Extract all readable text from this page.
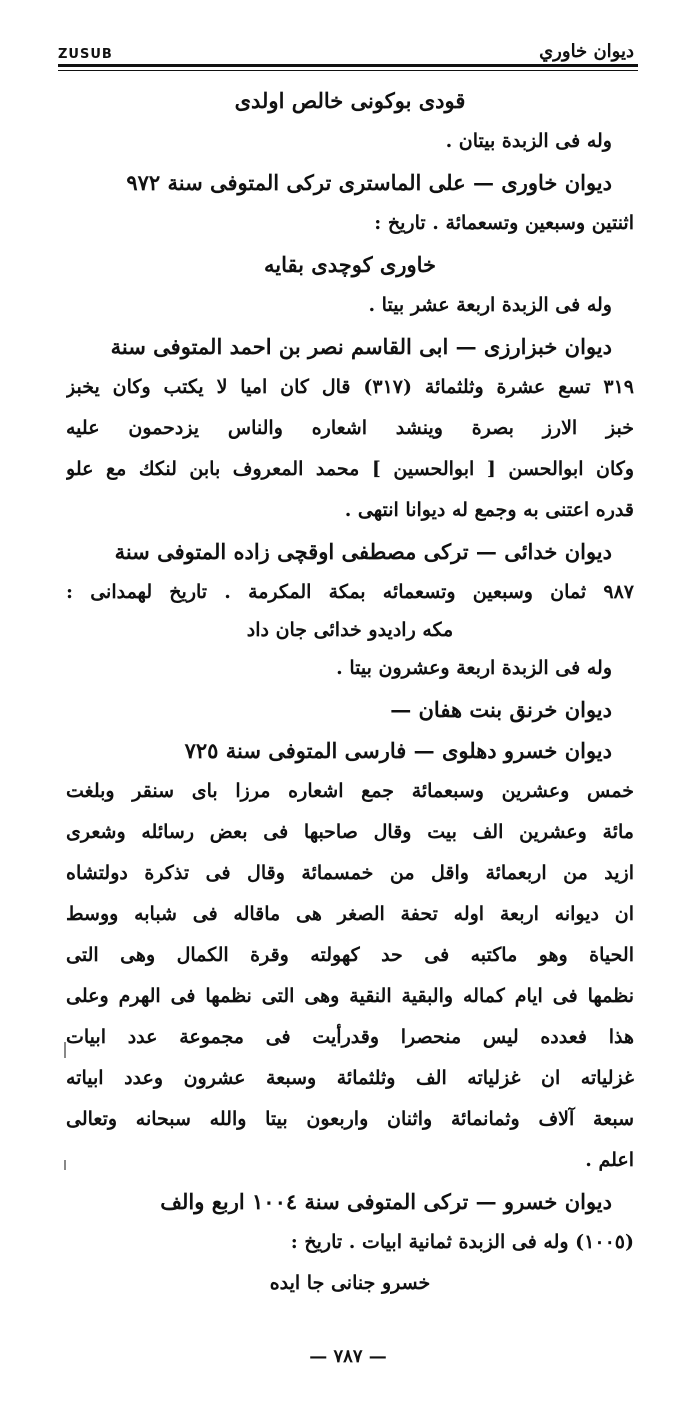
ZUSUB	ديوان خاوري
قودى بوكونى خالص اولدى
وله فى الزبدة بيتان .
ديوان خاورى — على الماسترى تركى المتوفى سنة ٩٧٢
اثنتين وسبعين وتسعمائة . تاريخ :
خاورى كوچدى بقايه
وله فى الزبدة اربعة عشر بيتا .
ديوان خبزارزى — ابى القاسم نصر بن احمد المتوفى سنة
٣١٩ تسع عشرة وثلثمائة (٣١٧) قال كان اميا لا يكتب وكان يخبز
خبز الارز بصرة وينشد اشعاره والناس يزدحمون عليه
وكان ابوالحسن [ ابوالحسين ] محمد المعروف بابن لنكك مع علو
قدره اعتنى به وجمع له ديوانا انتهى .
ديوان خدائى — تركى مصطفى اوقچى زاده المتوفى سنة
٩٨٧ ثمان وسبعين وتسعمائه بمكة المكرمة . تاريخ لهمدانى :
مكه راديدو خدائى جان داد
وله فى الزبدة اربعة وعشرون بيتا .
ديوان خرنق بنت هفان —
ديوان خسرو دهلوى — فارسى المتوفى سنة ٧٢٥
خمس وعشرين وسبعمائة جمع اشعاره مرزا باى سنقر وبلغت
مائة وعشرين الف بيت وقال صاحبها فى بعض رسائله وشعرى
ازيد من اربعمائة واقل من خمسمائة وقال فى تذكرة دولتشاه
ان ديوانه اربعة اوله تحفة الصغر هى ماقاله فى شبابه ووسط
الحياة وهو ماكتبه فى حد كهولته وقرة الكمال وهى التى
نظمها فى ايام كماله والبقية النقية وهى التى نظمها فى الهرم وعلى
هذا فعدده ليس منحصرا وقدرأيت فى مجموعة عدد ابيات
غزلياته ان غزلياته الف وثلثمائة وسبعة عشرون وعدد ابياته
سبعة آلاف وثمانمائة واثنان واربعون بيتا والله سبحانه وتعالى
اعلم .
ديوان خسرو — تركى المتوفى سنة ١٠٠٤ اربع والف
(١٠٠٥) وله فى الزبدة ثمانية ابيات . تاريخ :
خسرو جنانى جا ايده
— ٧٨٧ —
